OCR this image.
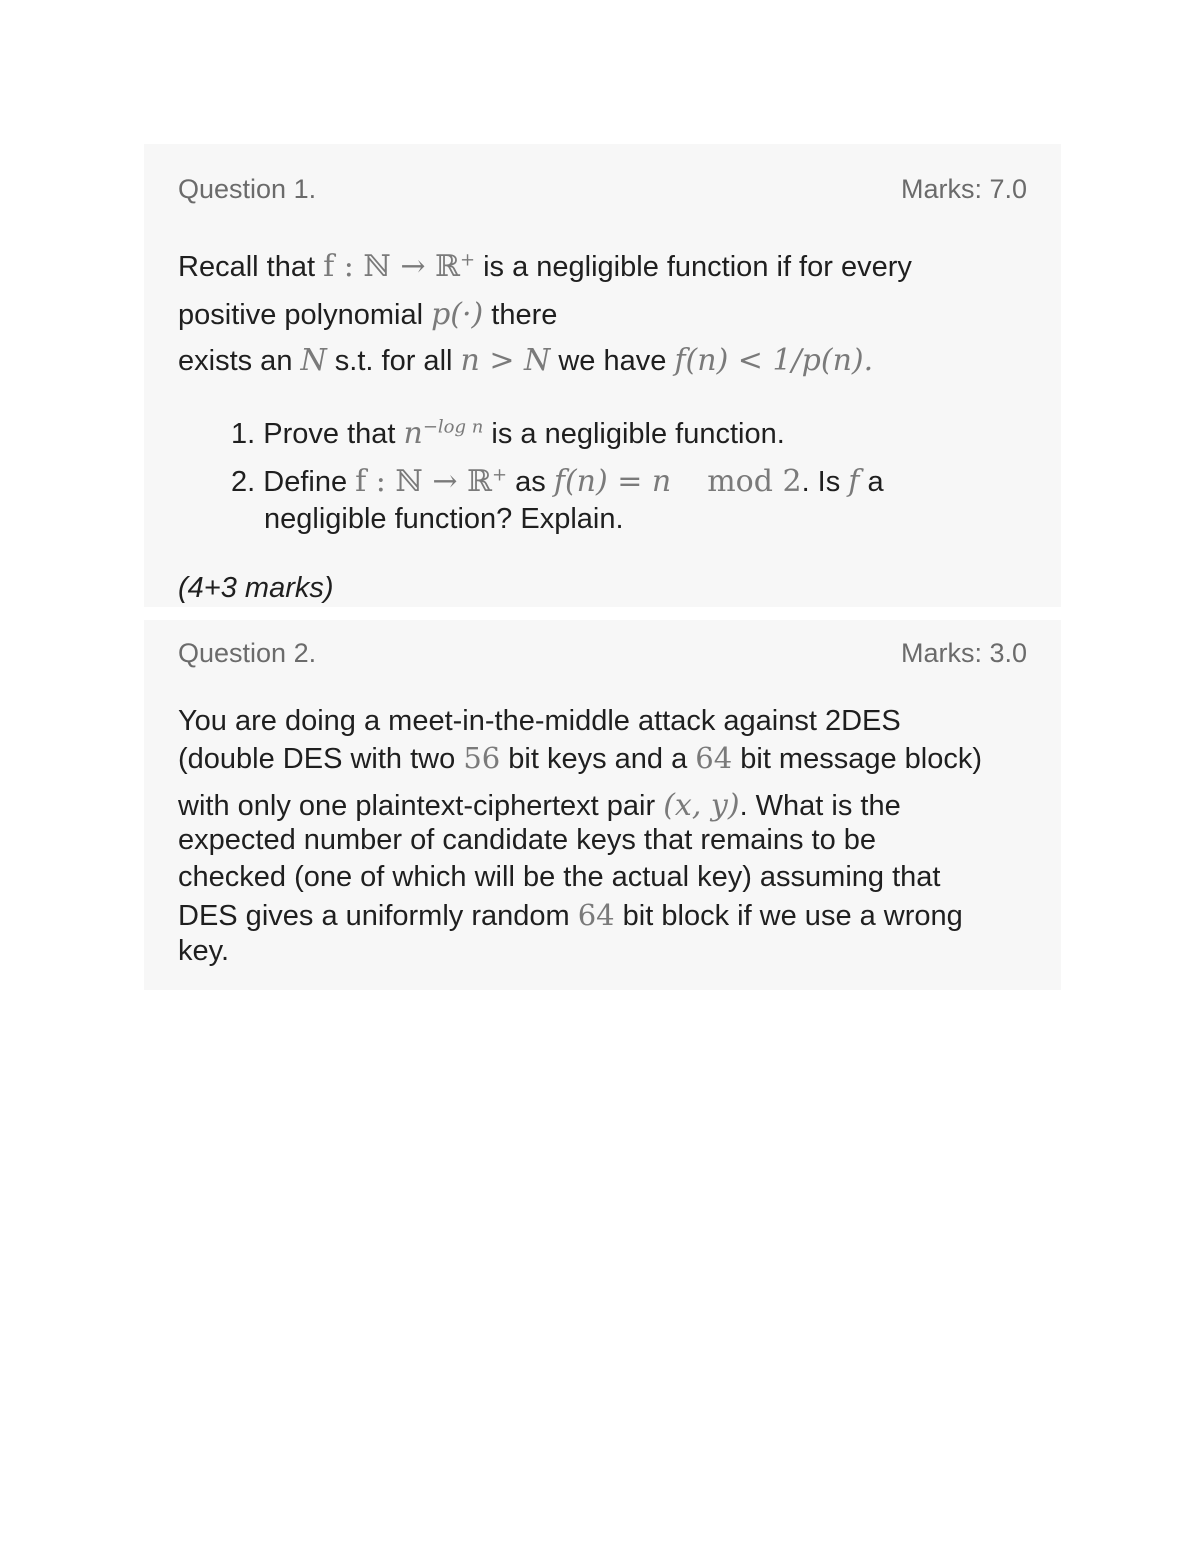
Question 1.	Marks: 7.0
Recall that f : ℕ → ℝ+ is a negligible function if for every
positive polynomial p(·) there
exists an N s.t. for all n > N we have f(n) < 1/p(n).
1. Prove that $n^{-log n}$ is a negligible function.
2. Define f : ℕ → ℝ+ as f(n) = n mod 2. Is f a
negligible function? Explain.
(4+3 marks)
Question 2.	Marks: 3.0
You are doing a meet-in-the-middle attack against 2DES
(double DES with two 56 bit keys and a 64 bit message block)
with only one plaintext-ciphertext pair (x, y). What is the
expected number of candidate keys that remains to be
checked (one of which will be the actual key) assuming that
DES gives a uniformly random 64 bit block if we use a wrong
key.
